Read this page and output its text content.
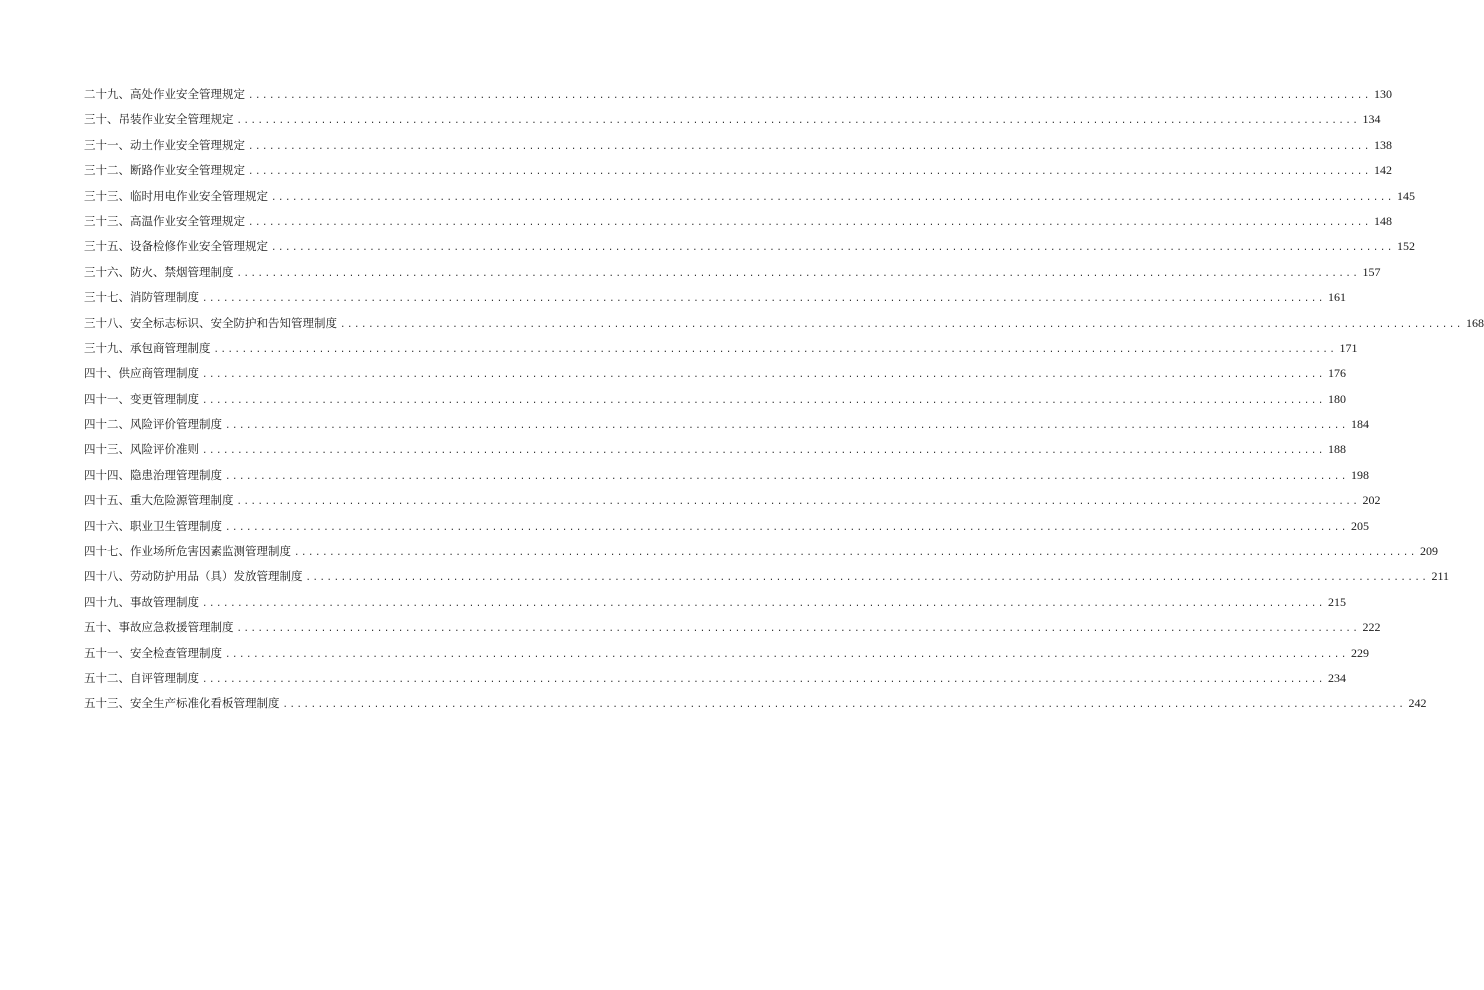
二十九、高处作业安全管理规定 ................................................................................................................................................................ 130
三十、吊装作业安全管理规定 ................................................................................................................................................................ 134
三十一、动土作业安全管理规定 ................................................................................................................................................................ 138
三十二、断路作业安全管理规定 ................................................................................................................................................................ 142
三十三、临时用电作业安全管理规定 ................................................................................................................................................................ 145
三十三、高温作业安全管理规定 ................................................................................................................................................................ 148
三十五、设备检修作业安全管理规定 ................................................................................................................................................................ 152
三十六、防火、禁烟管理制度 ................................................................................................................................................................ 157
三十七、消防管理制度 ................................................................................................................................................................ 161
三十八、安全标志标识、安全防护和告知管理制度 ................................................................................................................................................................ 168
三十九、承包商管理制度 ................................................................................................................................................................ 171
四十、供应商管理制度 ................................................................................................................................................................ 176
四十一、变更管理制度 ................................................................................................................................................................ 180
四十二、风险评价管理制度 ................................................................................................................................................................ 184
四十三、风险评价准则 ................................................................................................................................................................ 188
四十四、隐患治理管理制度 ................................................................................................................................................................ 198
四十五、重大危险源管理制度 ................................................................................................................................................................ 202
四十六、职业卫生管理制度 ................................................................................................................................................................ 205
四十七、作业场所危害因素监测管理制度 ................................................................................................................................................................ 209
四十八、劳动防护用品（具）发放管理制度 ................................................................................................................................................................ 211
四十九、事故管理制度 ................................................................................................................................................................ 215
五十、事故应急救援管理制度 ................................................................................................................................................................ 222
五十一、安全检查管理制度 ................................................................................................................................................................ 229
五十二、自评管理制度 ................................................................................................................................................................ 234
五十三、安全生产标准化看板管理制度 ................................................................................................................................................................ 242
